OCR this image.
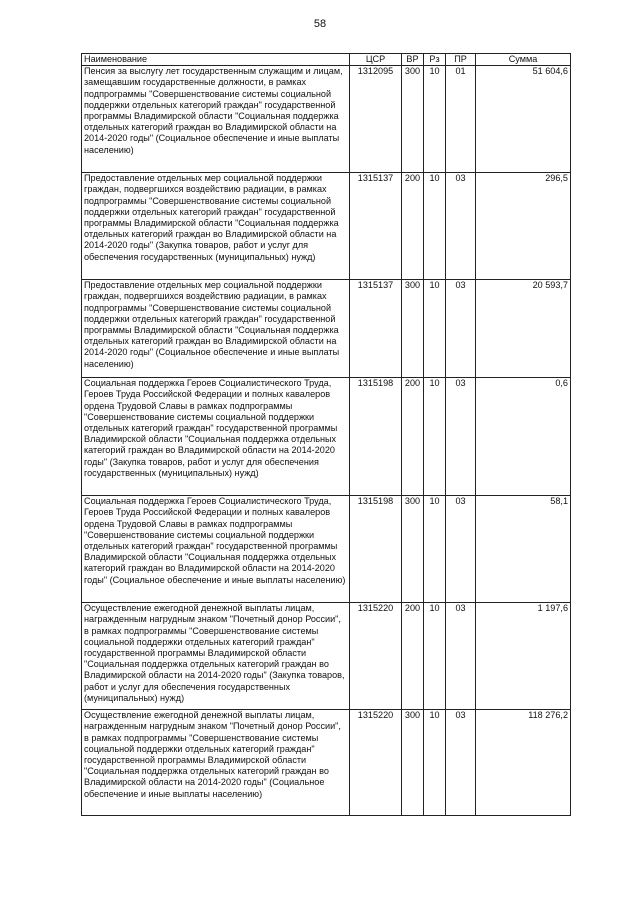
58
Наименование	ЦСР	ВР	Рз	ПР	Сумма
Пенсия за выслугу лет государственным служащим и лицам, замещавшим государственные должности, в рамках подпрограммы "Совершенствование системы социальной поддержки отдельных категорий граждан" государственной программы Владимирской области "Социальная поддержка отдельных категорий граждан во Владимирской области на 2014-2020 годы" (Социальное обеспечение и иные выплаты населению)	1312095	300	10	01	51 604,6
Предоставление отдельных мер социальной поддержки граждан, подвергшихся воздействию радиации, в рамках подпрограммы "Совершенствование системы социальной поддержки отдельных категорий граждан" государственной программы Владимирской области "Социальная поддержка отдельных категорий граждан во Владимирской области на 2014-2020 годы" (Закупка товаров, работ и услуг для обеспечения государственных (муниципальных) нужд)	1315137	200	10	03	296,5
Предоставление отдельных мер социальной поддержки граждан, подвергшихся воздействию радиации, в рамках подпрограммы "Совершенствование системы социальной поддержки отдельных категорий граждан" государственной программы Владимирской области "Социальная поддержка отдельных категорий граждан во Владимирской области на 2014-2020 годы" (Социальное обеспечение и иные выплаты населению)	1315137	300	10	03	20 593,7
Социальная поддержка Героев Социалистического Труда, Героев Труда Российской Федерации и полных кавалеров ордена Трудовой Славы в рамках подпрограммы "Совершенствование системы социальной поддержки отдельных категорий граждан" государственной программы Владимирской области "Социальная поддержка отдельных категорий граждан во Владимирской области на 2014-2020 годы" (Закупка товаров, работ и услуг для обеспечения государственных (муниципальных) нужд)	1315198	200	10	03	0,6
Социальная поддержка Героев Социалистического Труда, Героев Труда Российской Федерации и полных кавалеров ордена Трудовой Славы в рамках подпрограммы "Совершенствование системы социальной поддержки отдельных категорий граждан" государственной программы Владимирской области "Социальная поддержка отдельных категорий граждан во Владимирской области на 2014-2020 годы" (Социальное обеспечение и иные выплаты населению)	1315198	300	10	03	58,1
Осуществление ежегодной денежной выплаты лицам, награжденным нагрудным знаком "Почетный донор России", в рамках подпрограммы "Совершенствование системы социальной поддержки отдельных категорий граждан" государственной программы Владимирской области "Социальная поддержка отдельных категорий граждан во Владимирской области на 2014-2020 годы" (Закупка товаров, работ и услуг для обеспечения государственных (муниципальных) нужд)	1315220	200	10	03	1 197,6
Осуществление ежегодной денежной выплаты лицам, награжденным нагрудным знаком "Почетный донор России", в рамках подпрограммы "Совершенствование системы социальной поддержки отдельных категорий граждан" государственной программы Владимирской области "Социальная поддержка отдельных категорий граждан во Владимирской области на 2014-2020 годы" (Социальное обеспечение и иные выплаты населению)	1315220	300	10	03	118 276,2
